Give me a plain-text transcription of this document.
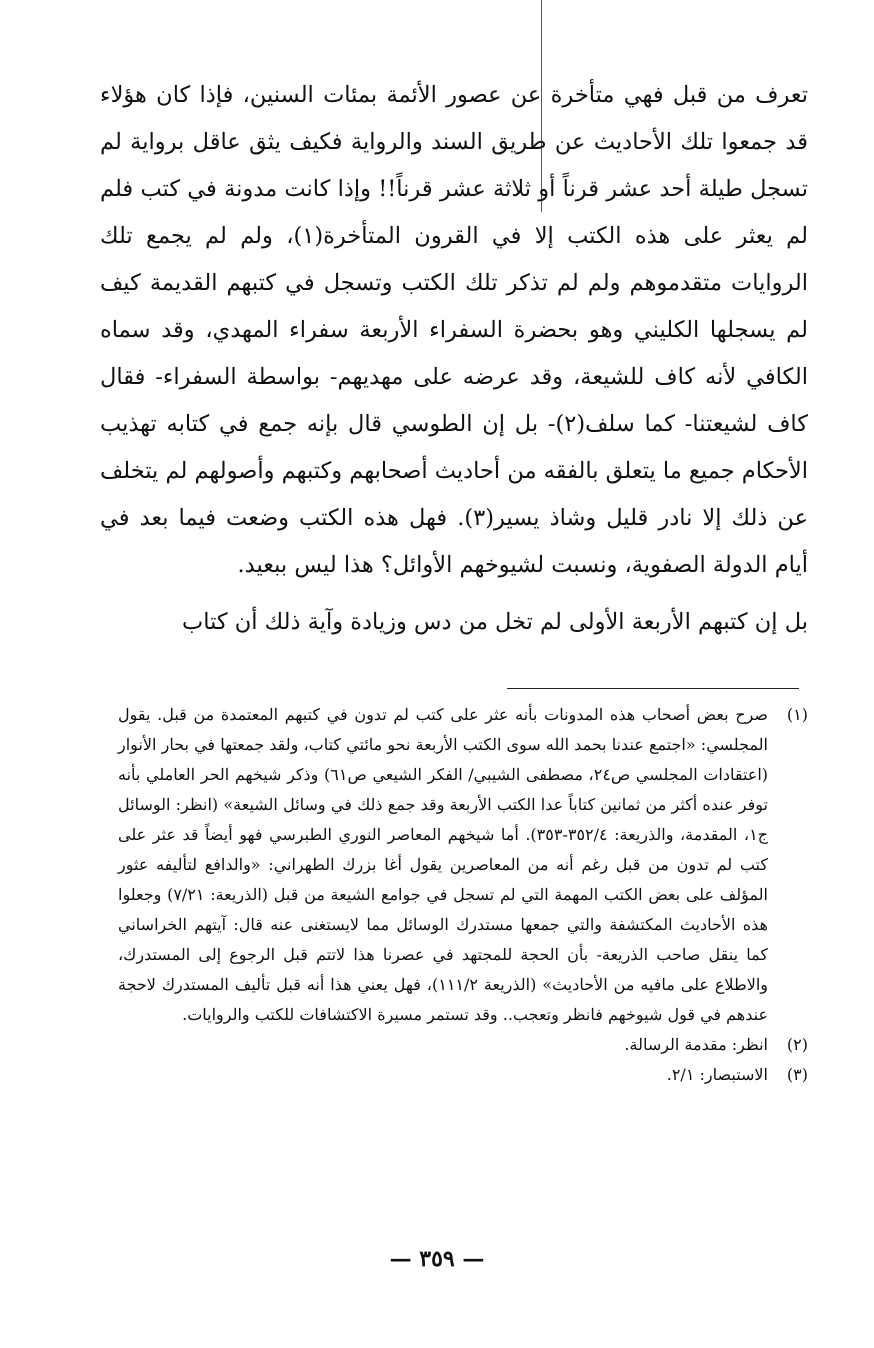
تعرف من قبل فهي متأخرة عن عصور الأئمة بمئات السنين، فإذا كان هؤلاء قد جمعوا تلك الأحاديث عن طريق السند والرواية فكيف يثق عاقل برواية لم تسجل طيلة أحد عشر قرناً أو ثلاثة عشر قرناً!! وإذا كانت مدونة في كتب فلم لم يعثر على هذه الكتب إلا في القرون المتأخرة(١)، ولم لم يجمع تلك الروايات متقدموهم ولم لم تذكر تلك الكتب وتسجل في كتبهم القديمة كيف لم يسجلها الكليني وهو بحضرة السفراء الأربعة سفراء المهدي، وقد سماه الكافي لأنه كاف للشيعة، وقد عرضه على مهديهم- بواسطة السفراء- فقال كاف لشيعتنا- كما سلف(٢)- بل إن الطوسي قال بإنه جمع في كتابه تهذيب الأحكام جميع ما يتعلق بالفقه من أحاديث أصحابهم وكتبهم وأصولهم لم يتخلف عن ذلك إلا نادر قليل وشاذ يسير(٣). فهل هذه الكتب وضعت فيما بعد في أيام الدولة الصفوية، ونسبت لشيوخهم الأوائل؟ هذا ليس ببعيد.

بل إن كتبهم الأربعة الأولى لم تخل من دس وزيادة وآية ذلك أن كتاب

(١)
صرح بعض أصحاب هذه المدونات بأنه عثر على كتب لم تدون في كتبهم المعتمدة من قبل. يقول المجلسي: «اجتمع عندنا بحمد الله سوى الكتب الأربعة نحو مائتي كتاب، ولقد جمعتها في بحار الأنوار (اعتقادات المجلسي ص٢٤، مصطفى الشيبي/ الفكر الشيعي ص٦١) وذكر شيخهم الحر العاملي بأنه توفر عنده أكثر من ثمانين كتاباً عدا الكتب الأربعة وقد جمع ذلك في وسائل الشيعة» (انظر: الوسائل ج١، المقدمة، والذريعة: ٣٥٢/٤-٣٥٣). أما شيخهم المعاصر النوري الطبرسي فهو أيضاً قد عثر على كتب لم تدون من قبل رغم أنه من المعاصرين يقول أغا بزرك الطهراني: «والدافع لتأليفه عثور المؤلف على بعض الكتب المهمة التي لم تسجل في جوامع الشيعة من قبل (الذريعة: ٧/٢١) وجعلوا هذه الأحاديث المكتشفة والتي جمعها مستدرك الوسائل مما لايستغنى عنه قال: آيتهم الخراساني كما ينقل صاحب الذريعة- بأن الحجة للمجتهد في عصرنا هذا لاتتم قبل الرجوع إلى المستدرك، والاطلاع على مافيه من الأحاديث» (الذريعة ١١١/٢)، فهل يعني هذا أنه قبل تأليف المستدرك لاحجة عندهم في قول شيوخهم فانظر وتعجب.. وقد تستمر مسيرة الاكتشافات للكتب والروايات.
(٢)
انظر: مقدمة الرسالة.
(٣)
الاستبصار: ٢/١.
— ٣٥٩ —
